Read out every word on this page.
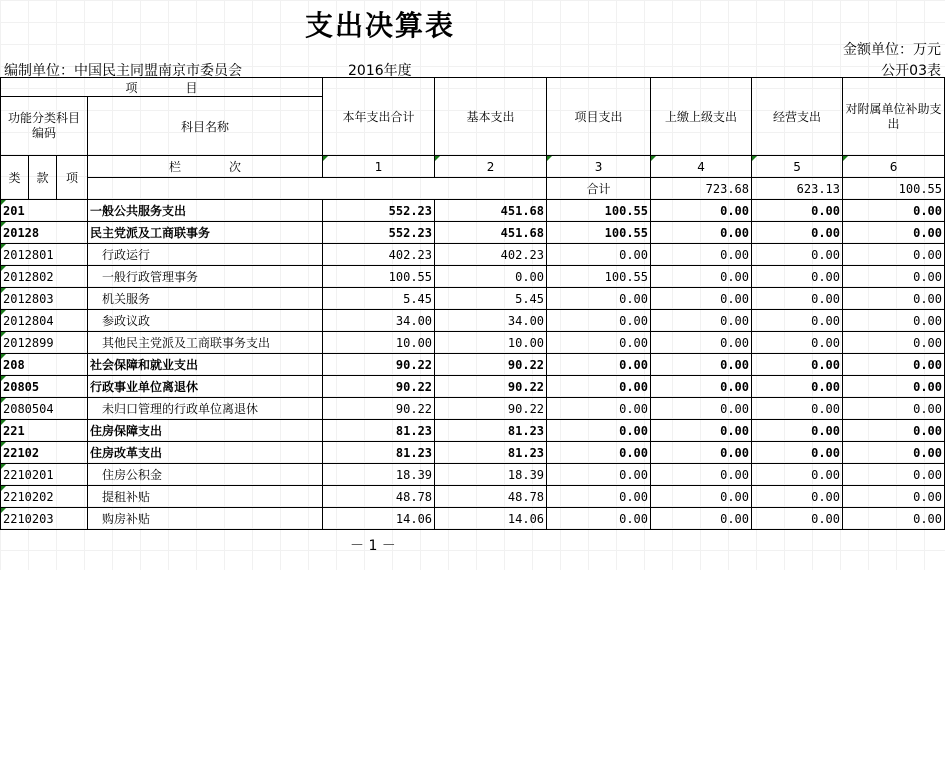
支出决算表
金额单位：万元
编制单位：中国民主同盟南京市委员会	2016年度	公开03表
项　　　　目				本年支出合计	基本支出	项目支出	上缴上级支出	经营支出	对附属单位补助支出	
功能分类科目编码			科目名称							
类	款	项	栏　　　　次	1	2	3	4	5	6	
						合计	723.68	623.13	100.55			
201			一般公共服务支出	552.23	451.68	100.55	0.00	0.00	0.00	
20128			民主党派及工商联事务	552.23	451.68	100.55	0.00	0.00	0.00	
2012801			行政运行	402.23	402.23	0.00	0.00	0.00	0.00	
2012802			一般行政管理事务	100.55	0.00	100.55	0.00	0.00	0.00	
2012803			机关服务	5.45	5.45	0.00	0.00	0.00	0.00	
2012804			参政议政	34.00	34.00	0.00	0.00	0.00	0.00	
2012899			其他民主党派及工商联事务支出	10.00	10.00	0.00	0.00	0.00	0.00	
208			社会保障和就业支出	90.22	90.22	0.00	0.00	0.00	0.00	
20805			行政事业单位离退休	90.22	90.22	0.00	0.00	0.00	0.00	
2080504			未归口管理的行政单位离退休	90.22	90.22	0.00	0.00	0.00	0.00	
221			住房保障支出	81.23	81.23	0.00	0.00	0.00	0.00	
22102			住房改革支出	81.23	81.23	0.00	0.00	0.00	0.00	
2210201			住房公积金	18.39	18.39	0.00	0.00	0.00	0.00	
2210202			提租补贴	48.78	48.78	0.00	0.00	0.00	0.00	
2210203			购房补贴	14.06	14.06	0.00	0.00	0.00	0.00	
－ 1 －
